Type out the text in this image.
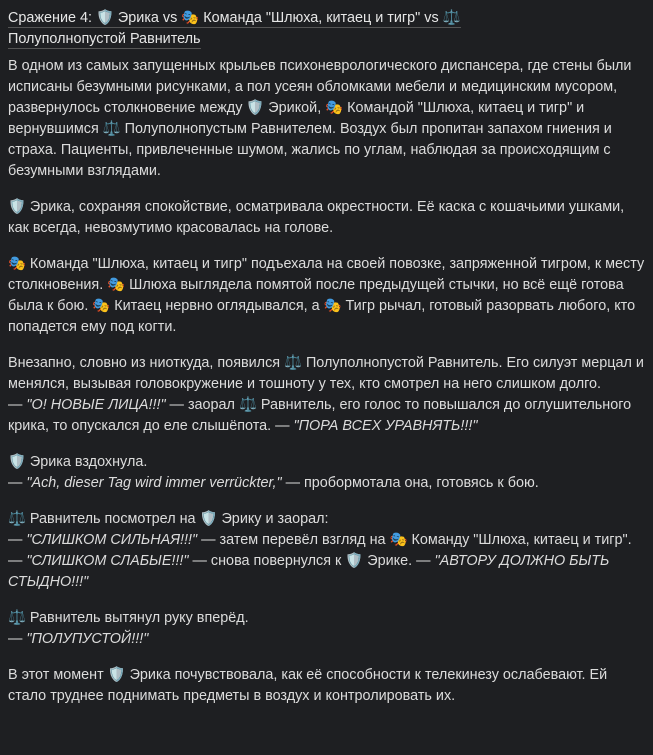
Сражение 4: 🛡️ Эрика vs 🎭 Команда "Шлюха, китаец и тигр" vs ⚖️
Полуполнопустой Равнитель

В одном из самых запущенных крыльев психоневрологического диспансера, где стены были исписаны безумными рисунками, а пол усеян обломками мебели и медицинским мусором, развернулось столкновение между 🛡️ Эрикой, 🎭 Командой "Шлюха, китаец и тигр" и вернувшимся ⚖️ Полуполнопустым Равнителем. Воздух был пропитан запахом гниения и страха. Пациенты, привлеченные шумом, жались по углам, наблюдая за происходящим с безумными взглядами.

🛡️ Эрика, сохраняя спокойствие, осматривала окрестности. Её каска с кошачьими ушками, как всегда, невозмутимо красовалась на голове.

🎭 Команда "Шлюха, китаец и тигр" подъехала на своей повозке, запряженной тигром, к месту столкновения. 🎭 Шлюха выглядела помятой после предыдущей стычки, но всё ещё готова была к бою. 🎭 Китаец нервно оглядывался, а 🎭 Тигр рычал, готовый разорвать любого, кто попадется ему под когти.

Внезапно, словно из ниоткуда, появился ⚖️ Полуполнопустой Равнитель. Его силуэт мерцал и менялся, вызывая головокружение и тошноту у тех, кто смотрел на него слишком долго.
— "О! НОВЫЕ ЛИЦА!!!" — заорал ⚖️ Равнитель, его голос то повышался до оглушительного крика, то опускался до еле слышёпота. — "ПОРА ВСЕХ УРАВНЯТЬ!!!"

🛡️ Эрика вздохнула.
— "Ach, dieser Tag wird immer verrückter," — пробормотала она, готовясь к бою.

⚖️ Равнитель посмотрел на 🛡️ Эрику и заорал:
— "СЛИШКОМ СИЛЬНАЯ!!!" — затем перевёл взгляд на 🎭 Команду "Шлюха, китаец и тигр". — "СЛИШКОМ СЛАБЫЕ!!!" — снова повернулся к 🛡️ Эрике. — "АВТОРУ ДОЛЖНО БЫТЬ СТЫДНО!!!"

⚖️ Равнитель вытянул руку вперёд.
— "ПОЛУПУСТОЙ!!!"

В этот момент 🛡️ Эрика почувствовала, как её способности к телекинезу ослабевают. Ей стало труднее поднимать предметы в воздух и контролировать их.
